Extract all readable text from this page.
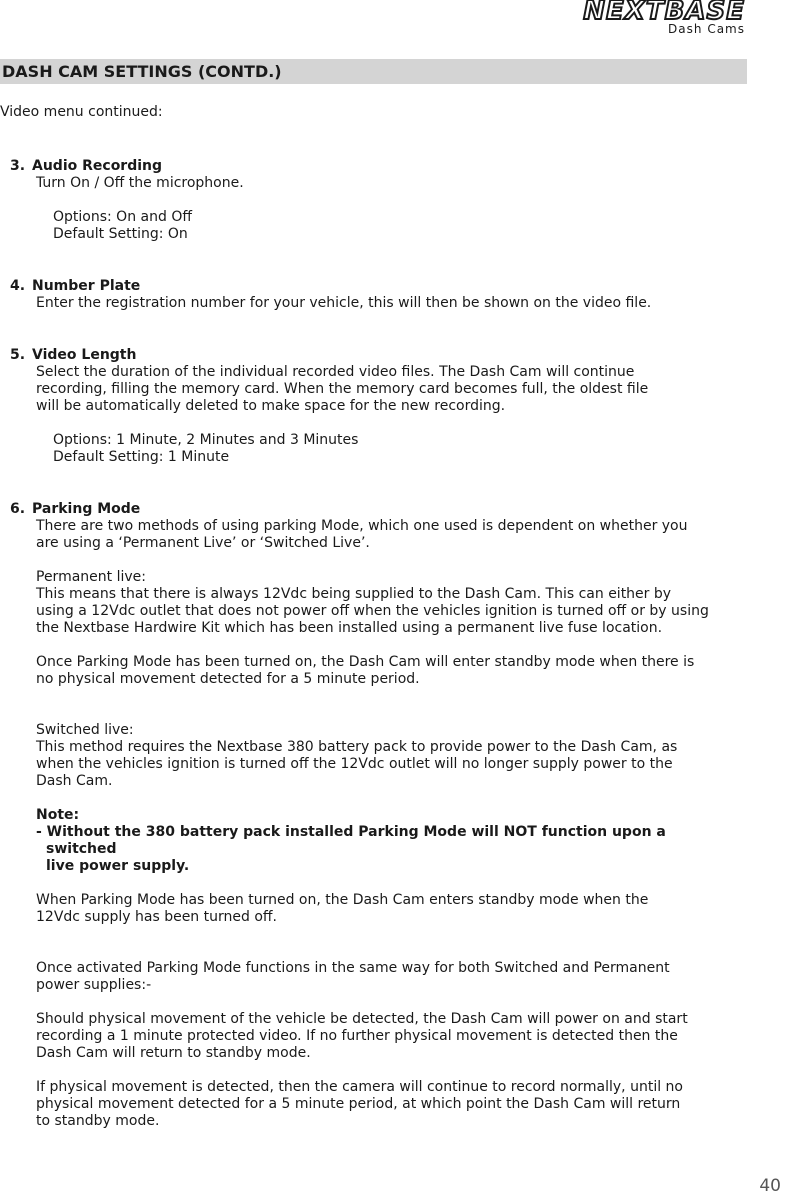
NEXTBASE
Dash Cams
DASH CAM SETTINGS (CONTD.)

Video menu continued:

3. Audio Recording

Turn On / Off the microphone.

Options: On and Off

Default Setting: On

4. Number Plate

Enter the registration number for your vehicle, this will then be shown on the video file.

5. Video Length

Select the duration of the individual recorded video files. The Dash Cam will continue

recording, filling the memory card. When the memory card becomes full, the oldest file

will be automatically deleted to make space for the new recording.

Options: 1 Minute, 2 Minutes and 3 Minutes

Default Setting: 1 Minute

6. Parking Mode

There are two methods of using parking Mode, which one used is dependent on whether you

are using a ‘Permanent Live’ or ‘Switched Live’.

Permanent live:

This means that there is always 12Vdc being supplied to the Dash Cam. This can either by

using a 12Vdc outlet that does not power off when the vehicles ignition is turned off or by using

the Nextbase Hardwire Kit which has been installed using a permanent live fuse location.

Once Parking Mode has been turned on, the Dash Cam will enter standby mode when there is

no physical movement detected for a 5 minute period.

Switched live:

This method requires the Nextbase 380 battery pack to provide power to the Dash Cam, as

when the vehicles ignition is turned off the 12Vdc outlet will no longer supply power to the

Dash Cam.

Note:

- Without the 380 battery pack installed Parking Mode will NOT function upon a switched

live power supply.

When Parking Mode has been turned on, the Dash Cam enters standby mode when the

12Vdc supply has been turned off.

Once activated Parking Mode functions in the same way for both Switched and Permanent

power supplies:-

Should physical movement of the vehicle be detected, the Dash Cam will power on and start

recording a 1 minute protected video. If no further physical movement is detected then the

Dash Cam will return to standby mode.

If physical movement is detected, then the camera will continue to record normally, until no

physical movement detected for a 5 minute period, at which point the Dash Cam will return

to standby mode.

40
